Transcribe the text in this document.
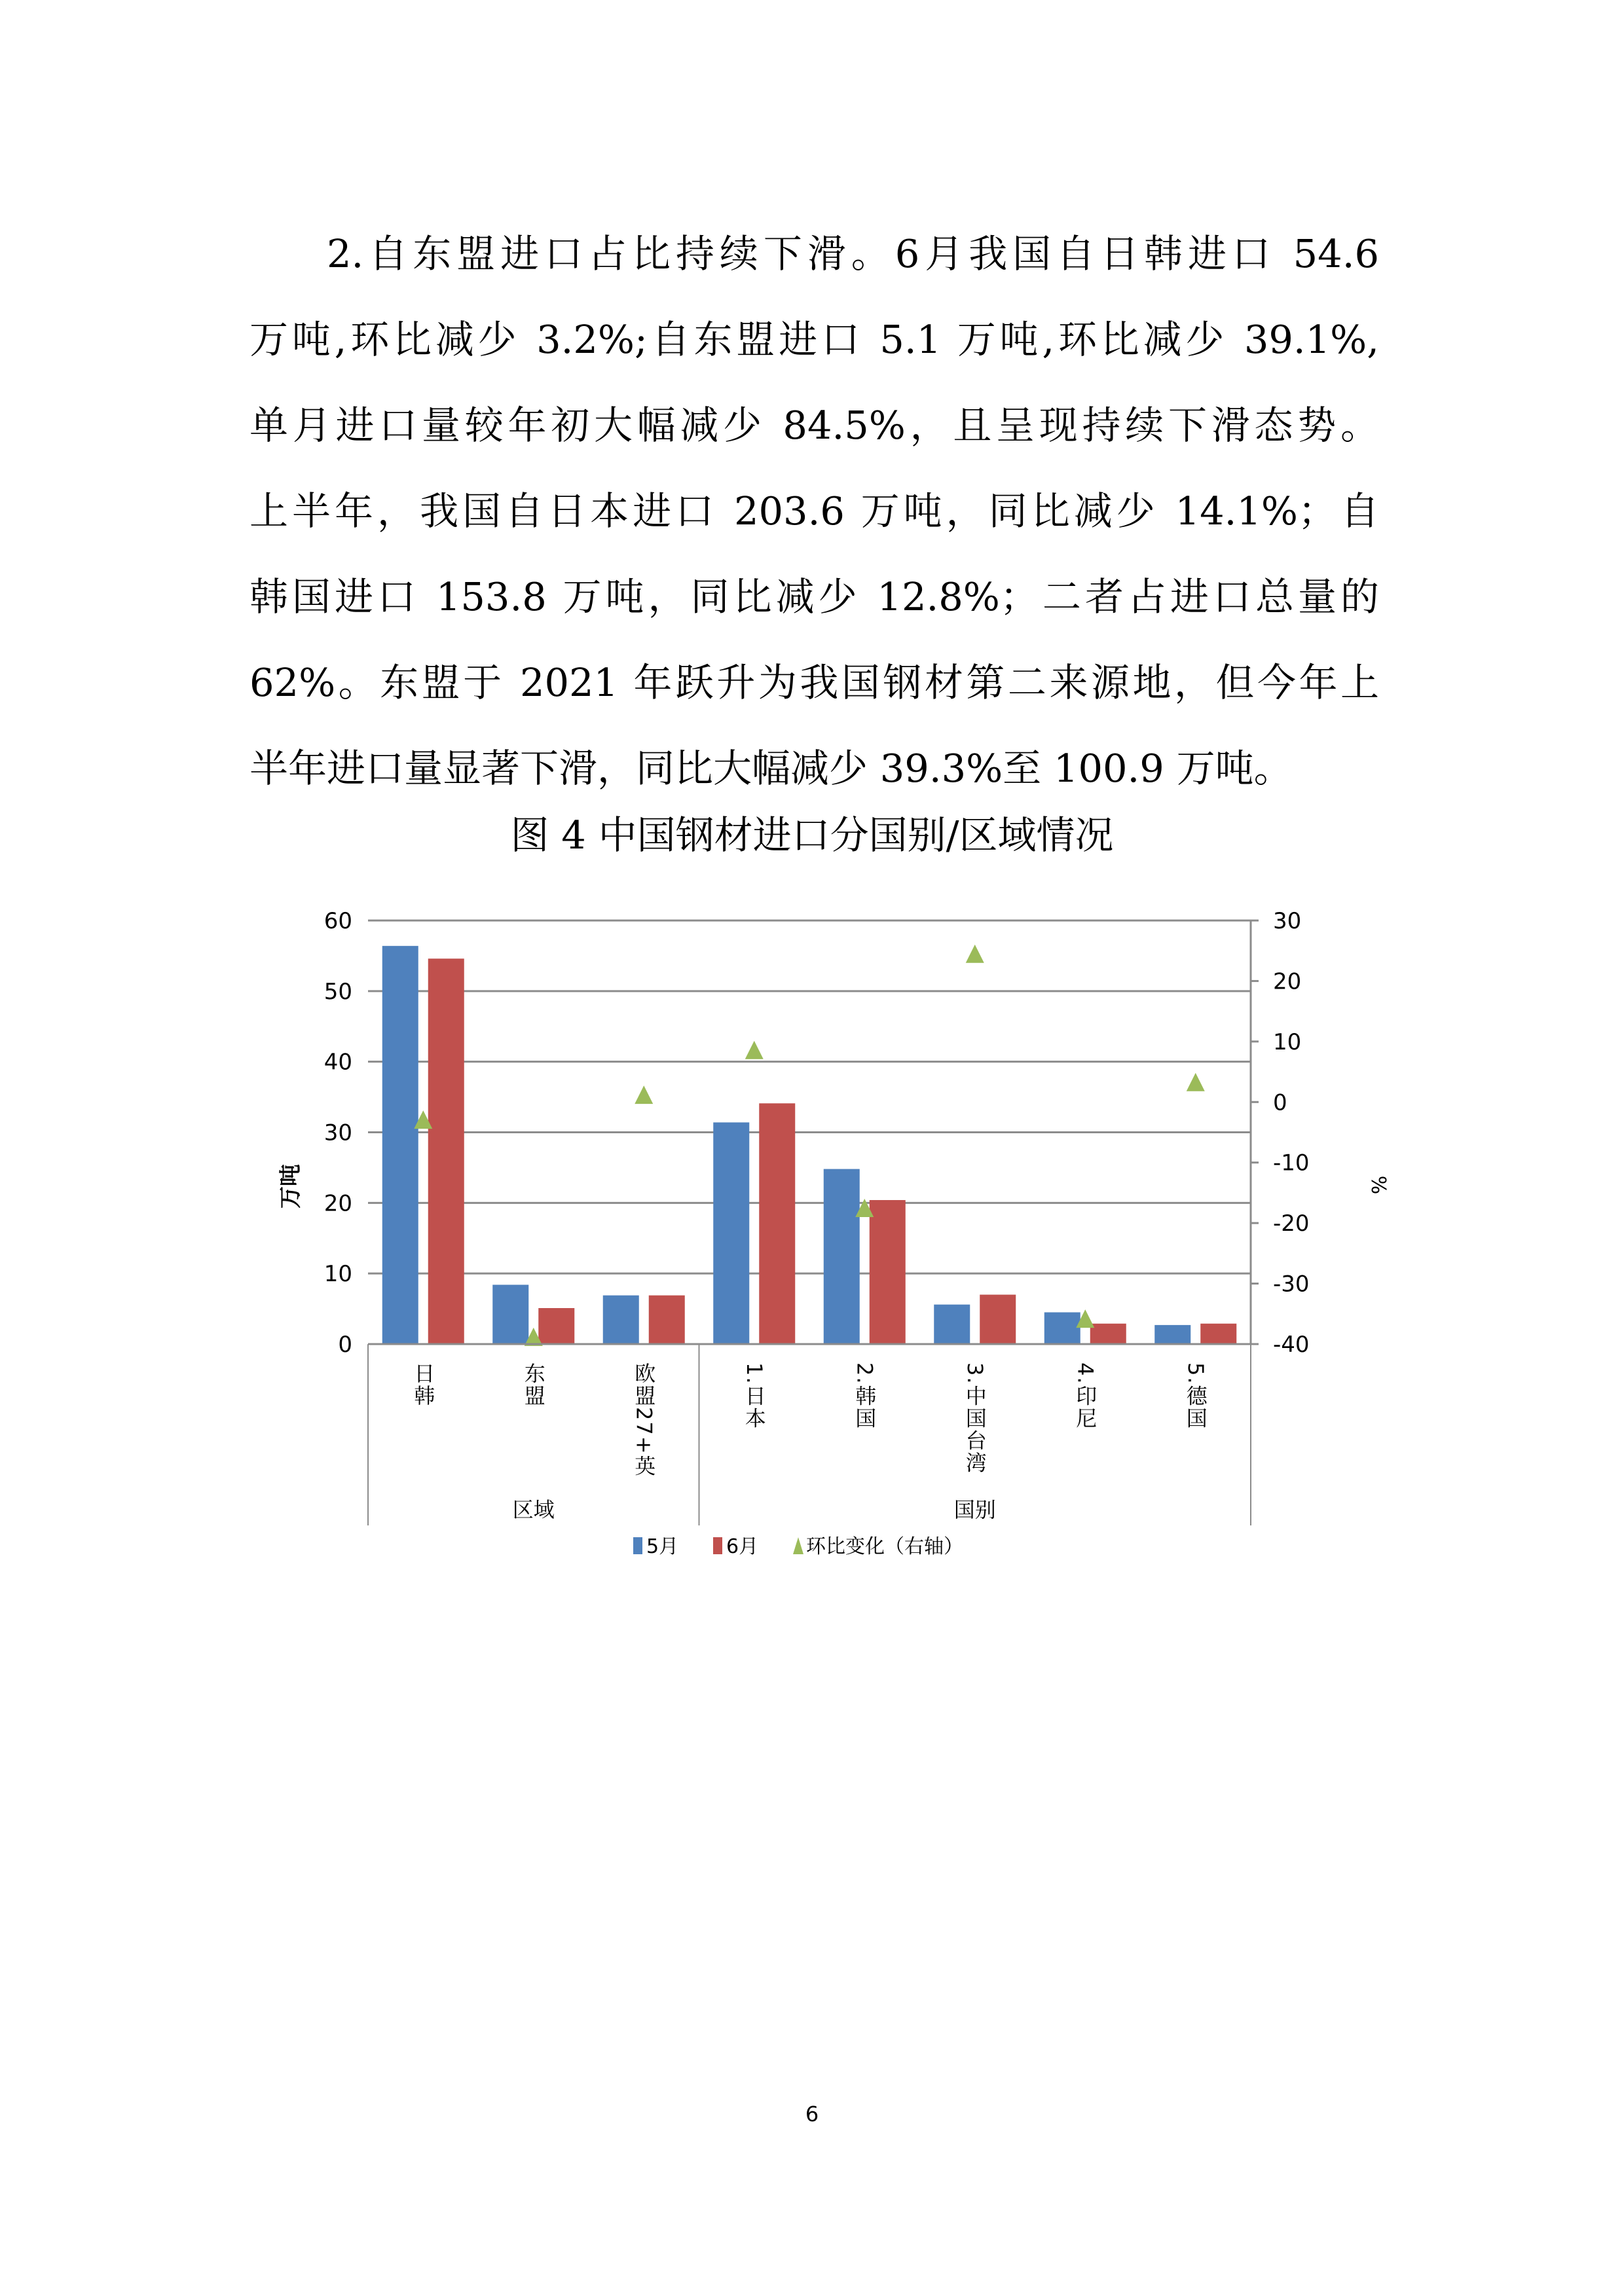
2.自东盟进口占比持续下滑。6月我国自日韩进口 54.6
万吨,环比减少 3.2%;自东盟进口 5.1 万吨,环比减少 39.1%,
单月进口量较年初大幅减少 84.5%，且呈现持续下滑态势。
上半年，我国自日本进口 203.6 万吨，同比减少 14.1%；自
韩国进口 153.8 万吨，同比减少 12.8%；二者占进口总量的
62%。东盟于 2021 年跃升为我国钢材第二来源地，但今年上
半年进口量显著下滑，同比大幅减少 39.3%至 100.9 万吨。
图 4 中国钢材进口分国别/区域情况
0
10
20
30
40
50
60
-40
-30
-20
-10
0
10
20
30
日韩	东盟	欧盟27+英	1.日本	2.韩国	3.中国台湾	4.印尼	5.德国
区域	国别
万吨	%
5月 6月 环比变化（右轴）
6
